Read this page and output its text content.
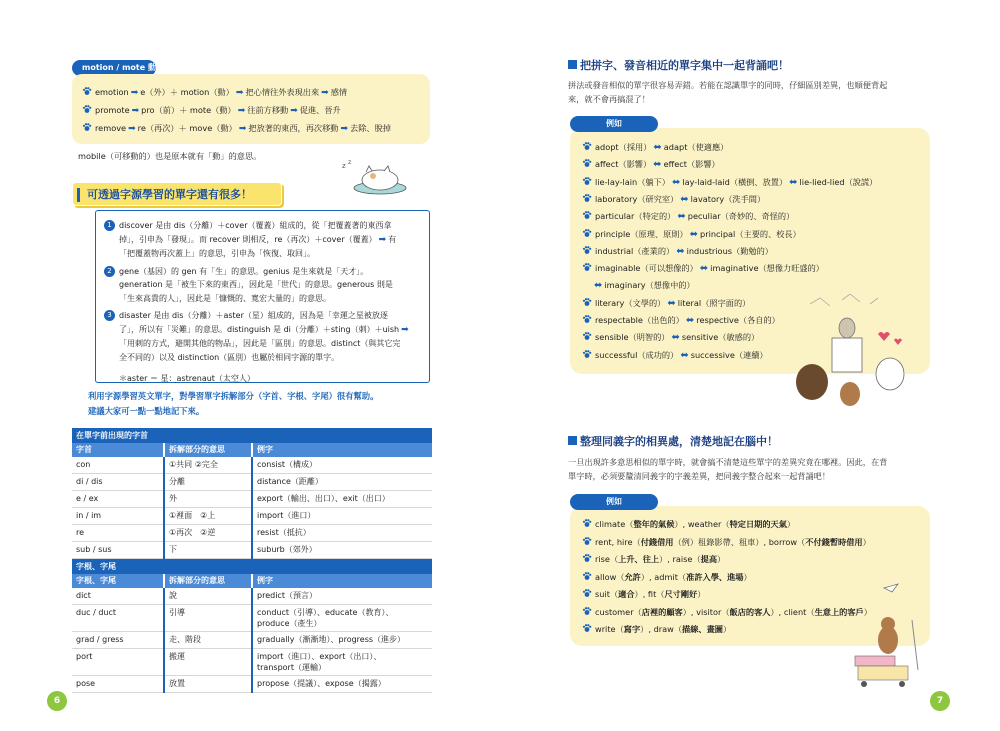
motion / mote 動
emotion ➡ e（外）＋ motion（動） ➡ 把心情往外表現出來 ➡ 感情
promote ➡ pro（前）＋ mote（動） ➡ 往前方移動 ➡ 促進、晉升
remove ➡ re（再次）＋ move（動） ➡ 把放著的東西，再次移動 ➡ 去除、脫掉
mobile（可移動的）也是原本就有「動」的意思。
z z
可透過字源學習的單字還有很多！
1 discover 是由 dis（分離）＋cover（覆蓋）組成的，從「把覆蓋著的東西拿
掉」，引申為「發現」。而 recover 則相反，re（再次）＋cover（覆蓋） ➡ 有
「把覆蓋物再次蓋上」的意思，引申為「恢復、取回」。
2 gene（基因）的 gen 有「生」的意思。genius 是生來就是「天才」。
generation 是「被生下來的東西」，因此是「世代」的意思。generous 則是
「生來高貴的人」，因此是「慷慨的、寬宏大量的」的意思。
3 disaster 是由 dis（分離）＋aster（星）組成的，因為是「幸運之星被放逐
了」，所以有「災難」的意思。distinguish 是 di（分離）＋sting（刺）＋uish ➡
「用刺的方式，避開其他的物品」，因此是「區別」的意思。distinct（與其它完
全不同的）以及 distinction（區別）也屬於相同字源的單字。
＊aster ＝ 星：astrenaut（太空人）
利用字源學習英文單字，對學習單字拆解部分（字首、字根、字尾）很有幫助。
建議大家可一點一點地記下來。
在單字前出現的字首		
字首	拆解部分的意思	例字
con	①共同 ②完全	consist（構成）
di / dis	分離	distance（距離）
e / ex	外	export（輸出、出口）、exit（出口）
in / im	①裡面　②上	import（進口）
re	①再次　②逆	resist（抵抗）
sub / sus	下	suburb（郊外）
字根、字尾		
字根、字尾	拆解部分的意思	例字
dict	說	predict（預言）

duc / duct	引導	conduct（引導）、educate（教育）、
produce（產生）

grad / gress	走、階段	gradually（漸漸地）、progress（進步）

port	搬運	import（進口）、export（出口）、
transport（運輸）

pose	放置	propose（提議）、expose（揭露）
6
把拼字、發音相近的單字集中一起背誦吧！
拼法或發音相似的單字很容易弄錯。若能在認識單字的同時，仔細區別差異，也順便背起
來，就不會再搞混了！
例如
adopt（採用） ⬌ adapt（使適應）
affect（影響） ⬌ effect（影響）
lie-lay-lain（躺下） ⬌ lay-laid-laid（橫倒、放置） ⬌ lie-lied-lied（說謊）
laboratory（研究室） ⬌ lavatory（洗手間）
particular（特定的） ⬌ peculiar（奇妙的、奇怪的）
principle（原理、原則） ⬌ principal（主要的、校長）
industrial（產業的） ⬌ industrious（勤勉的）
imaginable（可以想像的） ⬌ imaginative（想像力旺盛的）
⬌ imaginary（想像中的）
literary（文學的） ⬌ literal（照字面的）
respectable（出色的） ⬌ respective（各自的）
sensible（明智的） ⬌ sensitive（敏感的）
successful（成功的） ⬌ successive（連續）
整理同義字的相異處，清楚地記在腦中！
一旦出現許多意思相似的單字時，就會搞不清楚這些單字的差異究竟在哪裡。因此，在背
單字時，必須要釐清同義字的字義差異，把同義字整合起來一起背誦吧！
例如
climate（整年的氣候）, weather（特定日期的天氣）
rent, hire（付錢借用（例）租錄影帶、租車）, borrow（不付錢暫時借用）
rise（上升、往上）, raise（提高）
allow（允許）, admit（准許入學、進場）
suit（適合）, fit（尺寸剛好）
customer（店裡的顧客）, visitor（飯店的客人）, client（生意上的客戶）
write（寫字）, draw（描線、畫圖）
7
